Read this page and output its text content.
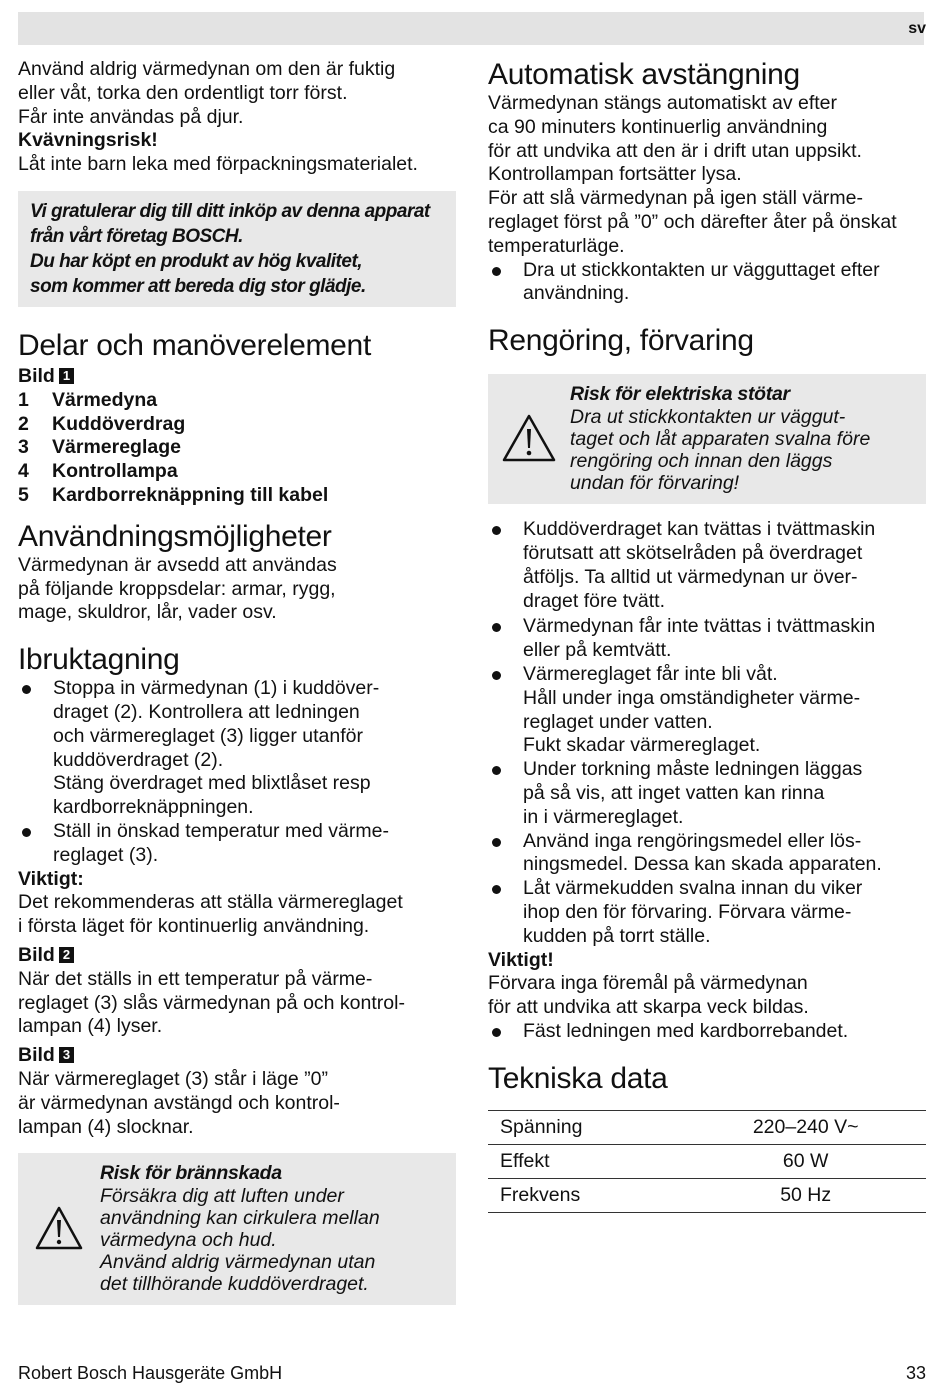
sv

Använd aldrig värmedynan om den är fuktig

eller våt, torka den ordentligt torr först.

Får inte användas på djur.

Kvävningsrisk!

Låt inte barn leka med förpackningsmaterialet.

Vi gratulerar dig till ditt inköp av denna apparat

från vårt företag BOSCH.

Du har köpt en produkt av hög kvalitet,

som kommer att bereda dig stor glädje.

Delar och manöverelement

Bild 1

1	Värmedyna

2	Kuddöverdrag

3	Värmereglage

4	Kontrollampa

5	Kardborreknäppning till kabel

Användningsmöjligheter

Värmedynan är avsedd att användas

på följande kroppsdelar: armar, rygg,

mage, skuldror, lår, vader osv.

Ibruktagning
Stoppa in värmedynan (1) i kuddöver-
draget (2). Kontrollera att ledningen
och värmereglaget (3) ligger utanför
kuddöverdraget (2).
Stäng överdraget med blixtlåset resp
kardborreknäppningen.
Ställ in önskad temperatur med värme-
reglaget (3).

Viktigt:

Det rekommenderas att ställa värmereglaget

i första läget för kontinuerlig användning.

Bild 2

När det ställs in ett temperatur på värme-

reglaget (3) slås värmedynan på och kontrol-

lampan (4) lyser.

Bild 3

När värmereglaget (3) står i läge ”0”

är värmedynan avstängd och kontrol-

lampan (4) slocknar.

Risk för brännskada

Försäkra dig att luften under

användning kan cirkulera mellan

värmedyna och hud.

Använd aldrig värmedynan utan

det tillhörande kuddöverdraget.

Automatisk avstängning

Värmedynan stängs automatiskt av efter

ca 90 minuters kontinuerlig användning

för att undvika att den är i drift utan uppsikt.

Kontrollampan fortsätter lysa.

För att slå värmedynan på igen ställ värme-

reglaget först på ”0” och därefter åter på önskat

temperaturläge.

Dra ut stickkontakten ur vägguttaget efter
användning.
Rengöring, förvaring

Risk för elektriska stötar

Dra ut stickkontakten ur väggut-

taget och låt apparaten svalna före

rengöring och innan den läggs

undan för förvaring!

Kuddöverdraget kan tvättas i tvättmaskin
förutsatt att skötselråden på överdraget
åtföljs. Ta alltid ut värmedynan ur över-
draget före tvätt.
Värmedynan får inte tvättas i tvättmaskin
eller på kemtvätt.
Värmereglaget får inte bli våt.
Håll under inga omständigheter värme-
reglaget under vatten.
Fukt skadar värmereglaget.
Under torkning måste ledningen läggas
på så vis, att inget vatten kan rinna
in i värmereglaget.
Använd inga rengöringsmedel eller lös-
ningsmedel. Dessa kan skada apparaten.
Låt värmekudden svalna innan du viker
ihop den för förvaring. Förvara värme-
kudden på torrt ställe.

Viktigt!

Förvara inga föremål på värmedynan

för att undvika att skarpa veck bildas.

Fäst ledningen med kardborrebandet.
Tekniska data
Spänning	220–240 V~
Effekt	60 W
Frekvens	50 Hz
Robert Bosch Hausgeräte GmbH	33
